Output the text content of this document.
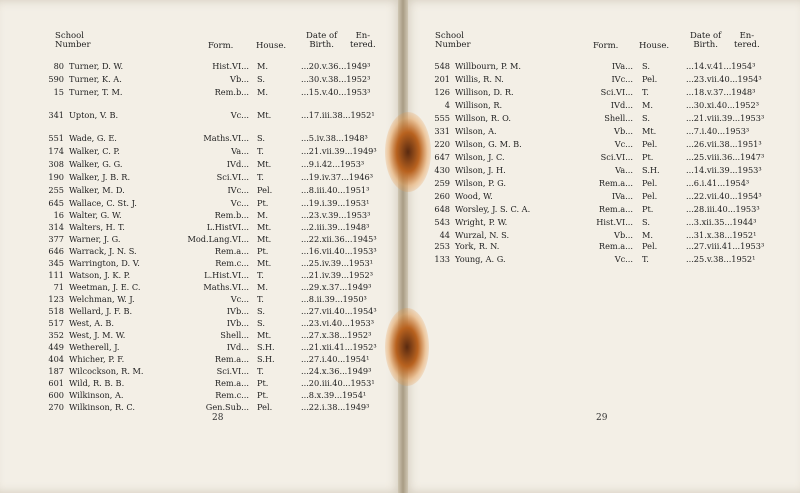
School
Number	Form.	House.
Date of
Birth.
En-
tered.
80 Turner, D. W.	Hist.VI... M.	...20.v.36...1949³
590 Turner, K. A.	Vb... S.	...30.v.38...1952³
15 Turner, T. M.	Rem.b... M.	...15.v.40...1953³
341 Upton, V. B.	Vc... Mt.	...17.iii.38...1952¹
551 Wade, G. E.	Maths.VI... S.	...5.iv.38...1948³
174 Walker, C. P.	Va... T.	...21.vii.39...1949³
308 Walker, G. G.	IVd... Mt.	...9.i.42...1953³
190 Walker, J. B. R.	Sci.VI... T.	...19.iv.37...1946³
255 Walker, M. D.	IVc... Pel.	...8.iii.40...1951³
645 Wallace, C. St. J.	Vc... Pt.	...19.i.39...1953¹
16 Walter, G. W.	Rem.b... M.	...23.v.39...1953³
314 Walters, H. T.	L.HistVI... Mt.	...2.iii.39...1948³
377 Warner, J. G.	Mod.Lang.VI... Mt.	...22.xii.36...1945³
646 Warrack, J. N. S.	Rem.a... Pt.	...16.vii.40...1953³
345 Warrington, D. V.	Rem.c... Mt.	...25.iv.39...1953¹
111 Watson, J. K. P.	L.Hist.VI... T.	...21.iv.39...1952³
71 Weetman, J. E. C.	Maths.VI... M.	...29.x.37...1949³
123 Welchman, W. J.	Vc... T.	...8.ii.39...1950³
518 Wellard, J. F. B.	IVb... S.	...27.vii.40...1954³
517 West, A. B.	IVb... S.	...23.vi.40...1953³
352 West, J. M. W.	Shell... Mt.	...27.x.38...1952³
449 Wetherell, J.	IVd... S.H.	...21.xii.41...1952³
404 Whicher, P. F.	Rem.a... S.H.	...27.i.40...1954¹
187 Wilcockson, R. M.	Sci.VI... T.	...24.x.36...1949³
601 Wild, R. B. B.	Rem.a... Pt.	...20.iii.40...1953¹
600 Wilkinson, A.	Rem.c... Pt.	...8.x.39...1954¹
270 Wilkinson, R. C.	Gen.Sub... Pel.	...22.i.38...1949³
28
School
Number	Form. House.
Date of
Birth.
En-
tered.
548 Willbourn, P. M.	IVa... S.	...14.v.41...1954³
201 Willis, R. N.	IVc... Pel.	...23.vii.40...1954³
126 Willison, D. R.	Sci.VI... T.	...18.v.37...1948³
4 Willison, R.	IVd... M.	...30.xi.40...1952³
555 Willson, R. O.	Shell... S.	...21.viii.39...1953³
331 Wilson, A.	Vb... Mt.	...7.i.40...1953³
220 Wilson, G. M. B.	Vc... Pel.	...26.vii.38...1951³
647 Wilson, J. C.	Sci.VI... Pt.	...25.viii.36...1947³
430 Wilson, J. H.	Va... S.H.	...14.vii.39...1953³
259 Wilson, P. G.	Rem.a... Pel.	...6.i.41...1954³
260 Wood, W.	IVa... Pel.	...22.vii.40...1954³
648 Worsley, J. S. C. A.	Rem.a... Pt.	...28.iii.40...1953³
543 Wright, P. W.	Hist.VI... S.	...3.xii.35...1944³
44 Wurzal, N. S.	Vb... M.	...31.x.38...1952¹
253 York, R. N.	Rem.a... Pel.	...27.viii.41...1953³
133 Young, A. G.	Vc... T.	...25.v.38...1952¹
29
